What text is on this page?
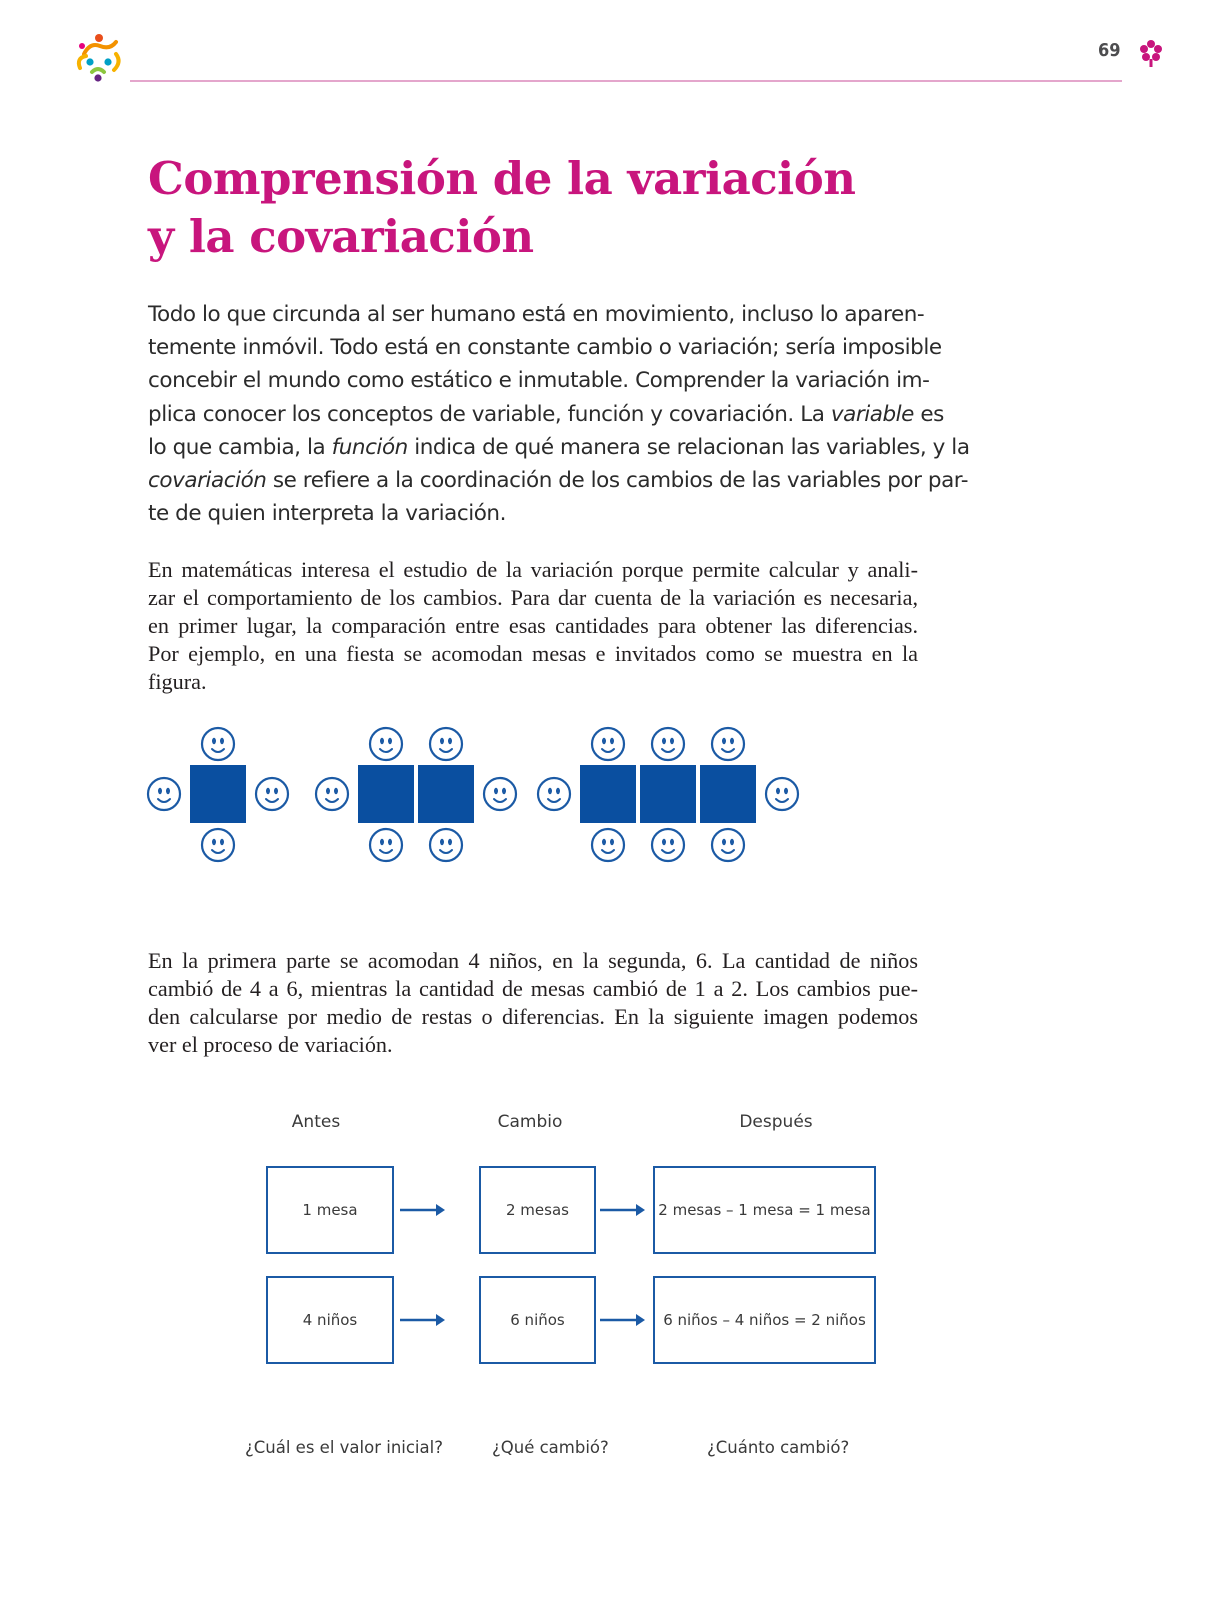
69
Comprensión de la variación
y la covariación

Todo lo que circunda al ser humano está en movimiento, incluso lo aparen-
temente inmóvil. Todo está en constante cambio o variación; sería imposible
concebir el mundo como estático e inmutable. Comprender la variación im-
plica conocer los conceptos de variable, función y covariación. La variable es
lo que cambia, la función indica de qué manera se relacionan las variables, y la
covariación se refiere a la coordinación de los cambios de las variables por par-
te de quien interpreta la variación.

En matemáticas interesa el estudio de la variación porque permite calcular y anali-
zar el comportamiento de los cambios. Para dar cuenta de la variación es necesaria,
en primer lugar, la comparación entre esas cantidades para obtener las diferencias.
Por ejemplo, en una fiesta se acomodan mesas e invitados como se muestra en la
figura.

En la primera parte se acomodan 4 niños, en la segunda, 6. La cantidad de niños
cambió de 4 a 6, mientras la cantidad de mesas cambió de 1 a 2. Los cambios pue-
den calcularse por medio de restas o diferencias. En la siguiente imagen podemos
ver el proceso de variación.

Antes	Cambio	Después
1 mesa	2 mesas	2 mesas – 1 mesa = 1 mesa
4 niños	6 niños	6 niños – 4 niños = 2 niños
¿Cuál es el valor inicial?	¿Qué cambió?	¿Cuánto cambió?
